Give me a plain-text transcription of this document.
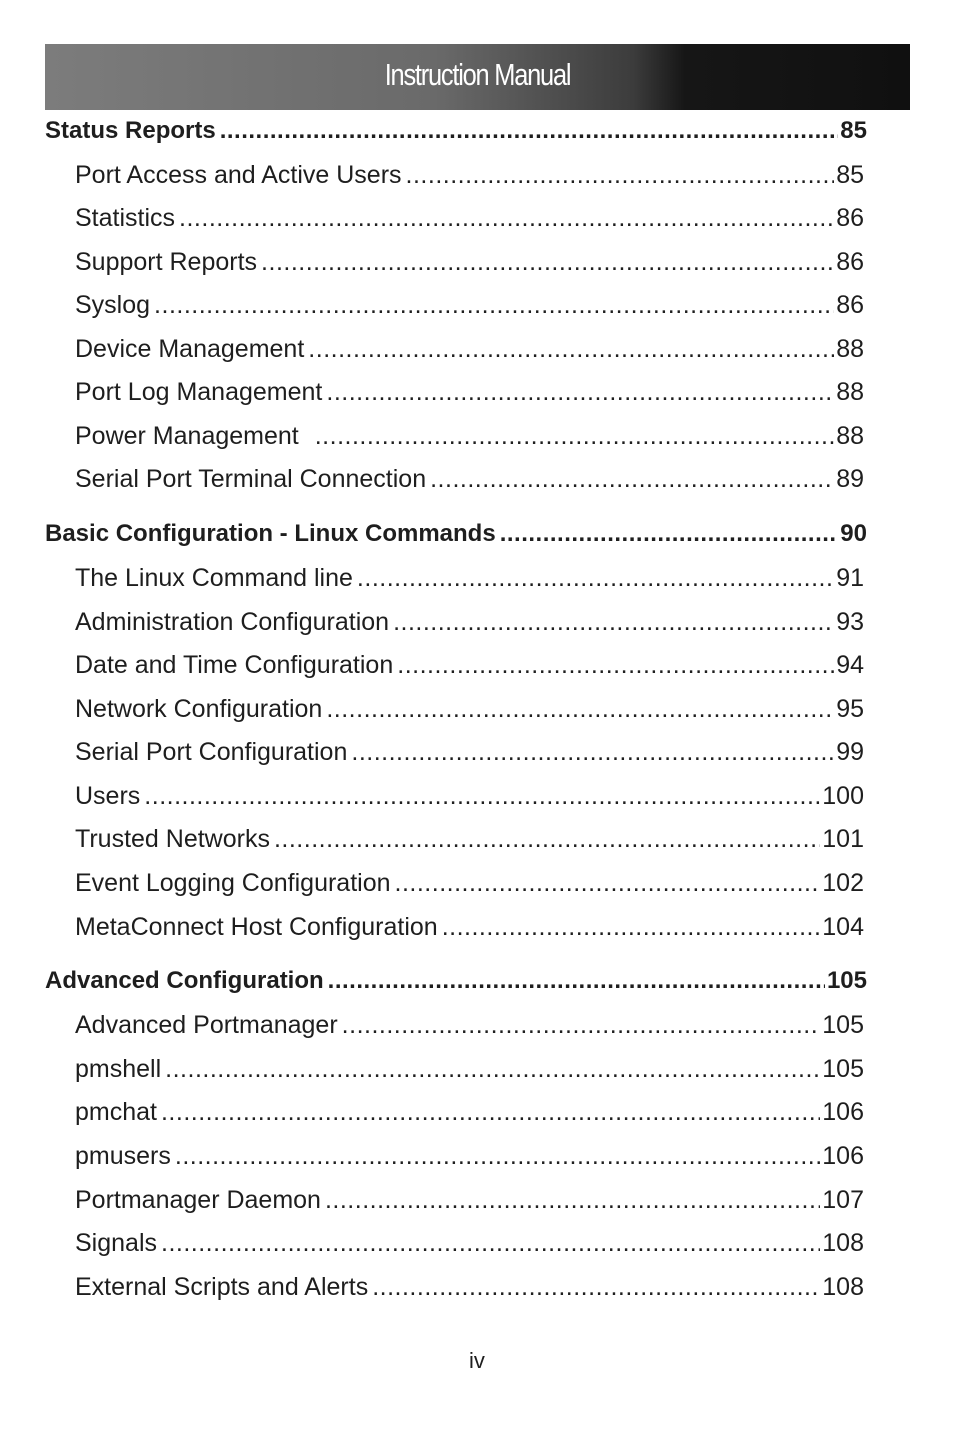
Instruction Manual
Status Reports .....	85
Port Access and Active Users .....	85
Statistics .....	86
Support Reports .....	86
Syslog .....	86
Device Management .....	88
Port Log Management .....	88
Power Management .....	88
Serial Port Terminal Connection .....	89
Basic Configuration - Linux Commands .....	90
The Linux Command line .....	91
Administration Configuration .....	93
Date and Time Configuration .....	94
Network Configuration .....	95
Serial Port Configuration .....	99
Users .....	100
Trusted Networks .....	101
Event Logging Configuration .....	102
MetaConnect Host Configuration .....	104
Advanced Configuration .....	105
Advanced Portmanager .....	105
pmshell .....	105
pmchat .....	106
pmusers .....	106
Portmanager Daemon .....	107
Signals .....	108
External Scripts and Alerts .....	108
iv
